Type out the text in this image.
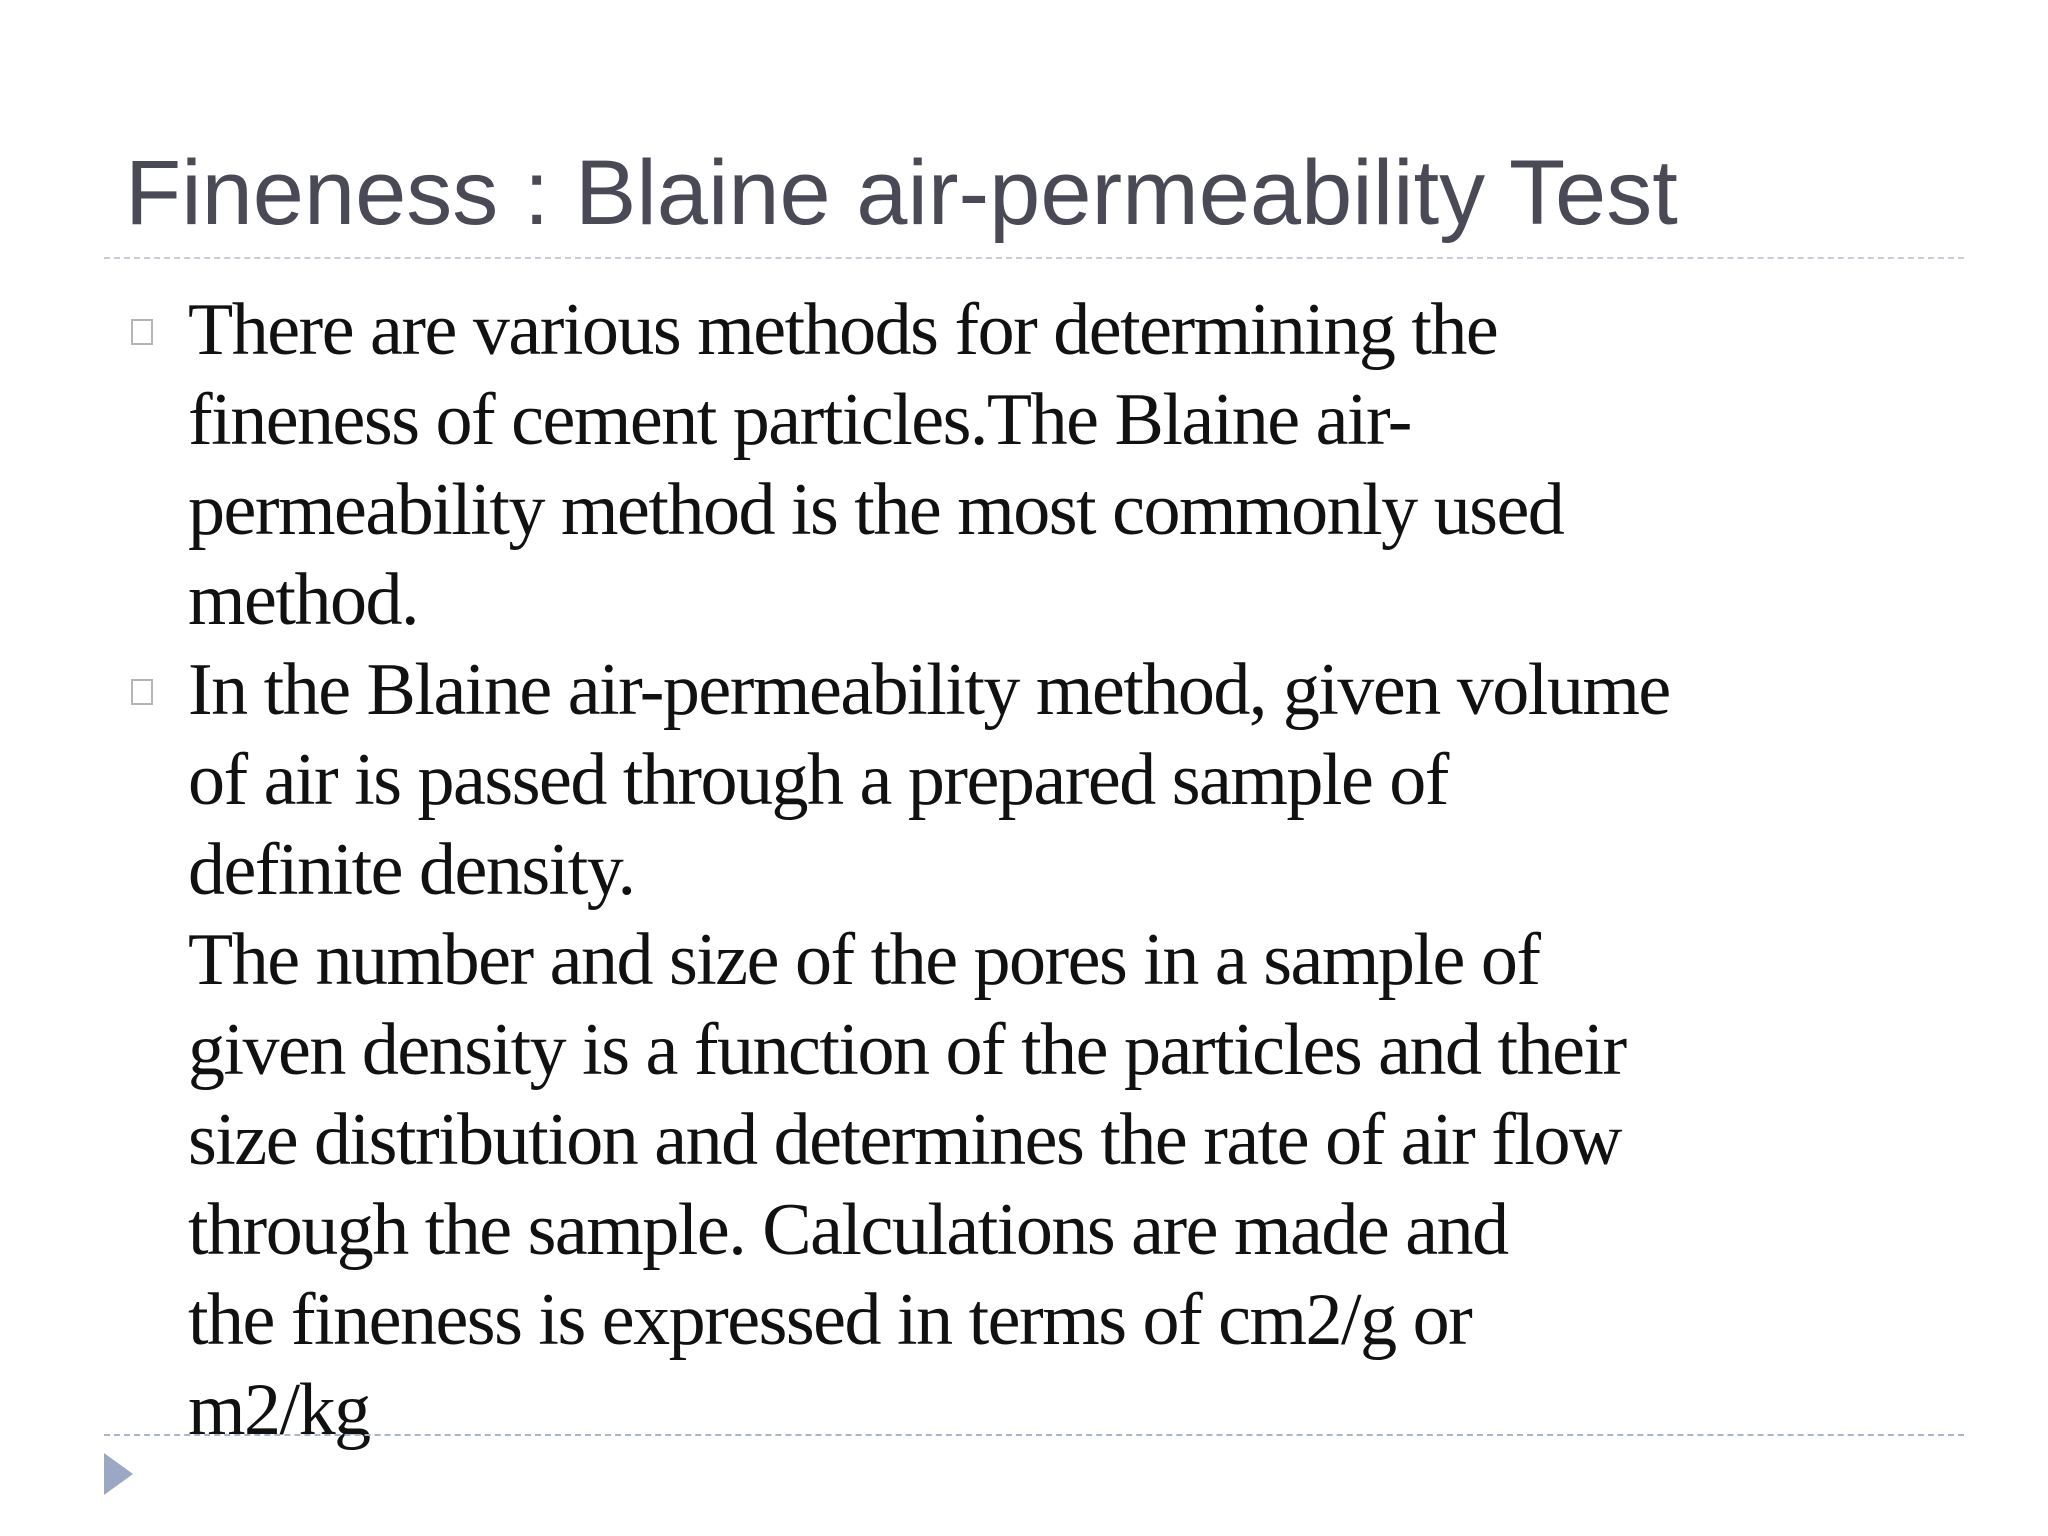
Fineness : Blaine air-permeability Test
There are various methods for determining the
fineness of cement particles.The Blaine air-
permeability method is the most commonly used
method.
In the Blaine air-permeability method, given volume
of air is passed through a prepared sample of
definite density.
The number and size of the pores in a sample of
given density is a function of the particles and their
size distribution and determines the rate of air flow
through the sample. Calculations are made and
the fineness is expressed in terms of cm2/g or
m2/kg
